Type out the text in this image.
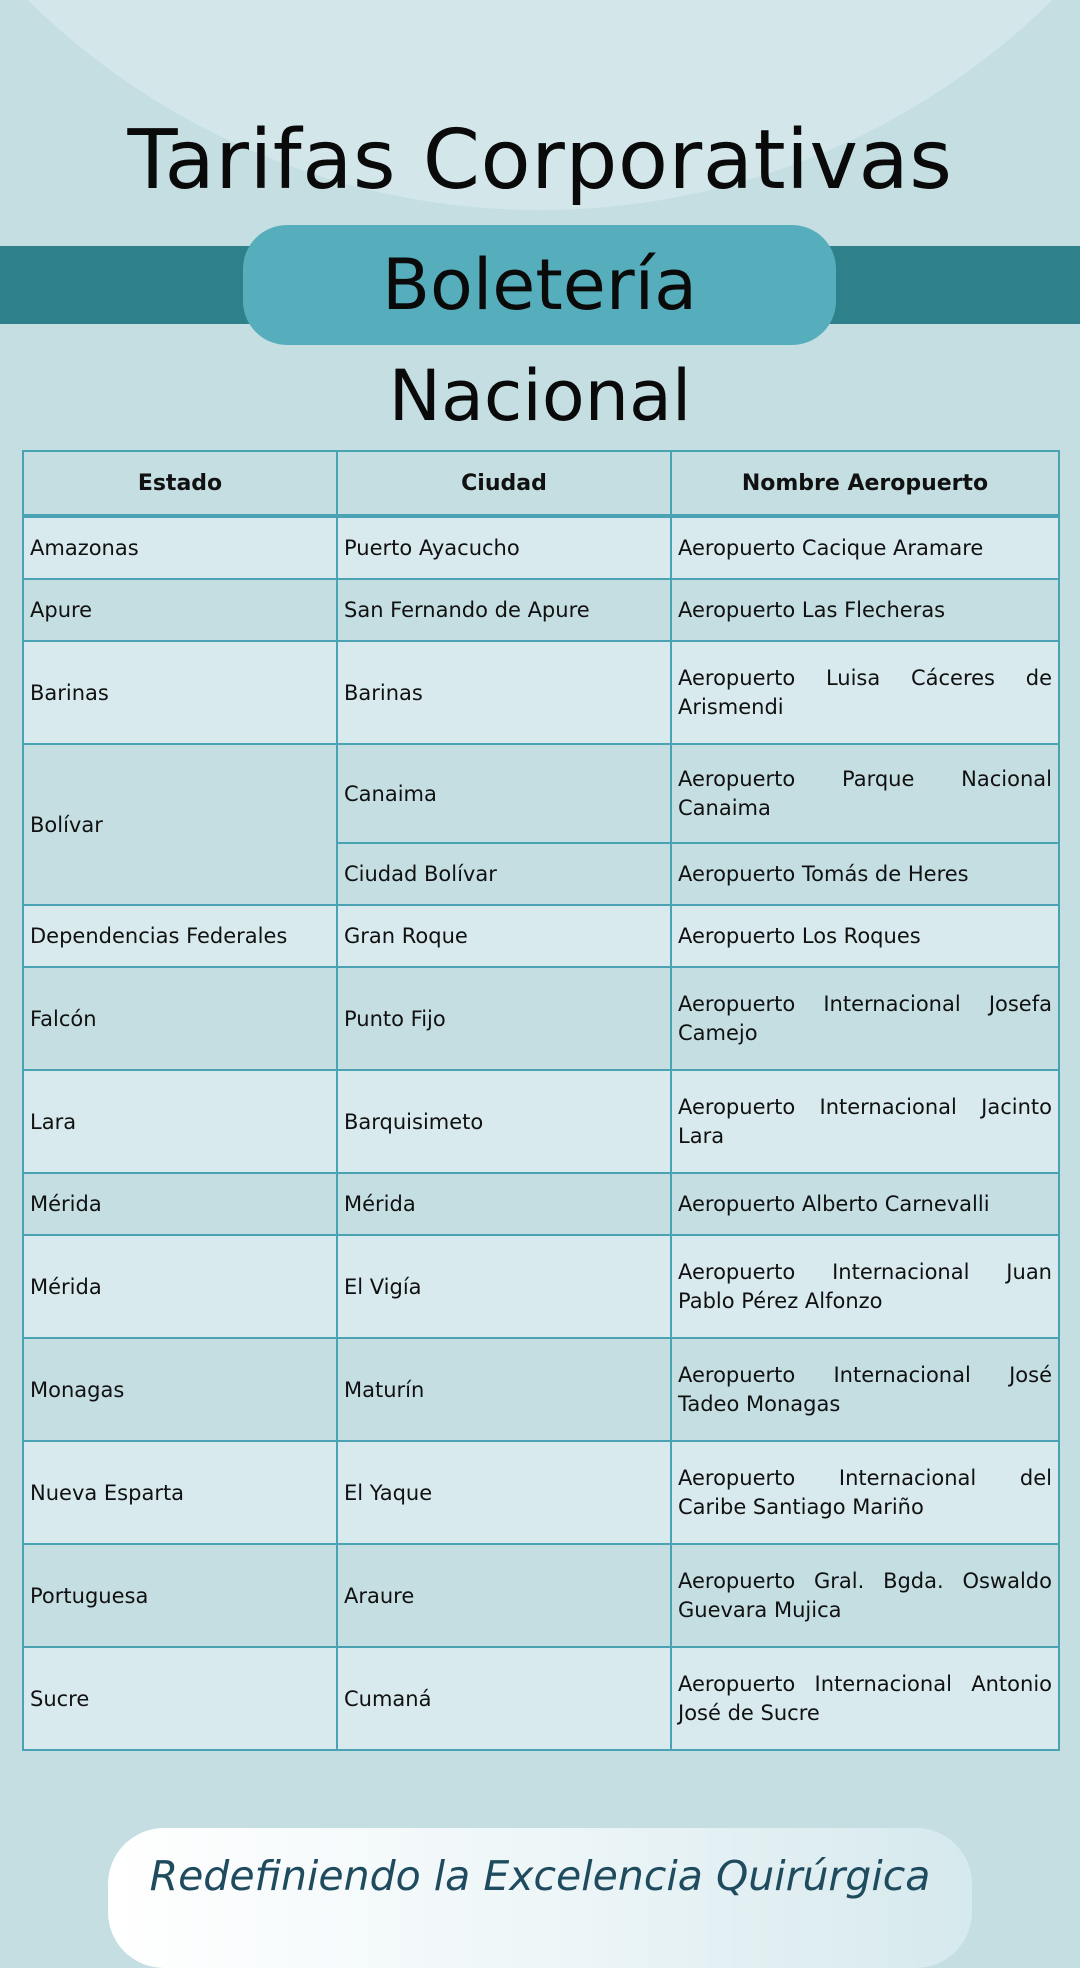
Tarifas Corporativas
Boletería
Nacional
Estado	Ciudad	Nombre Aeropuerto
Amazonas	Puerto Ayacucho	Aeropuerto Cacique Aramare
Apure	San Fernando de Apure	Aeropuerto Las Flecheras
Barinas	Barinas	Aeropuerto Luisa Cáceres de Arismendi
Bolívar	Canaima	Aeropuerto Parque Nacional Canaima
	Ciudad Bolívar	Aeropuerto Tomás de Heres
Dependencias Federales	Gran Roque	Aeropuerto Los Roques
Falcón	Punto Fijo	Aeropuerto Internacional Josefa Camejo
Lara	Barquisimeto	Aeropuerto Internacional Jacinto Lara
Mérida	Mérida	Aeropuerto Alberto Carnevalli
Mérida	El Vigía	Aeropuerto Internacional Juan Pablo Pérez Alfonzo
Monagas	Maturín	Aeropuerto Internacional José Tadeo Monagas
Nueva Esparta	El Yaque	Aeropuerto Internacional del Caribe Santiago Mariño
Portuguesa	Araure	Aeropuerto Gral. Bgda. Oswaldo Guevara Mujica
Sucre	Cumaná	Aeropuerto Internacional Antonio José de Sucre
Redefiniendo la Excelencia Quirúrgica
